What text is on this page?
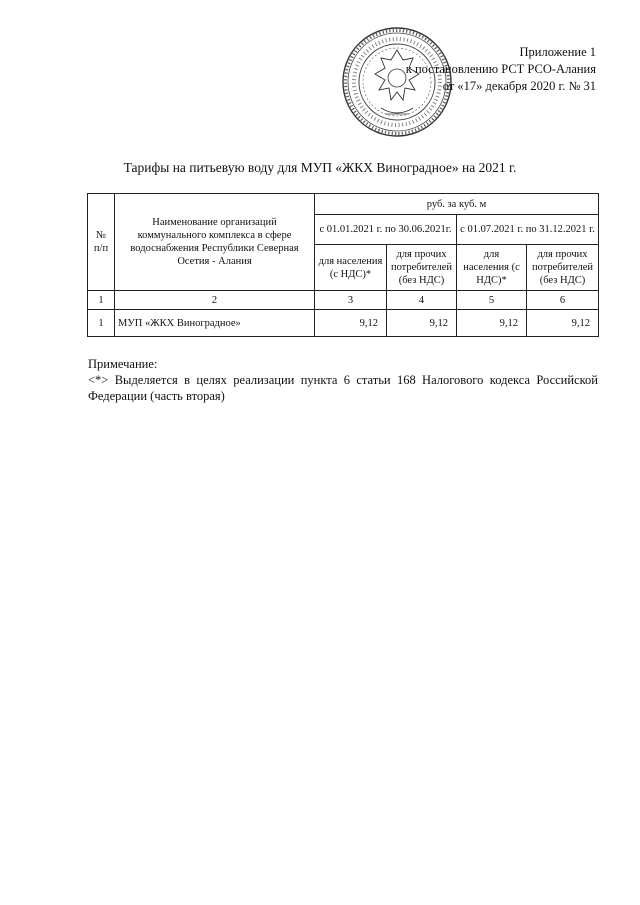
Приложение 1
к постановлению РСТ РСО-Алания
от «17» декабря 2020 г. № 31
Тарифы на питьевую воду для МУП «ЖКХ Виноградное» на 2021 г.
№ п/п	Наименование организаций коммунального комплекса в сфере водоснабжения Республики Северная Осетия - Алания	руб. за куб. м			
		с 01.01.2021 г. по 30.06.2021г.		с 01.07.2021 г. по 31.12.2021 г.	
		для населения (с НДС)*	для прочих потребителей (без НДС)	для населения (с НДС)*	для прочих потребителей (без НДС)
1	2	3	4	5	6
1	МУП «ЖКХ Виноградное»	9,12	9,12	9,12	9,12
Примечание:
<*> Выделяется в целях реализации пункта 6 статьи 168 Налогового кодекса Российской Федерации (часть вторая)
